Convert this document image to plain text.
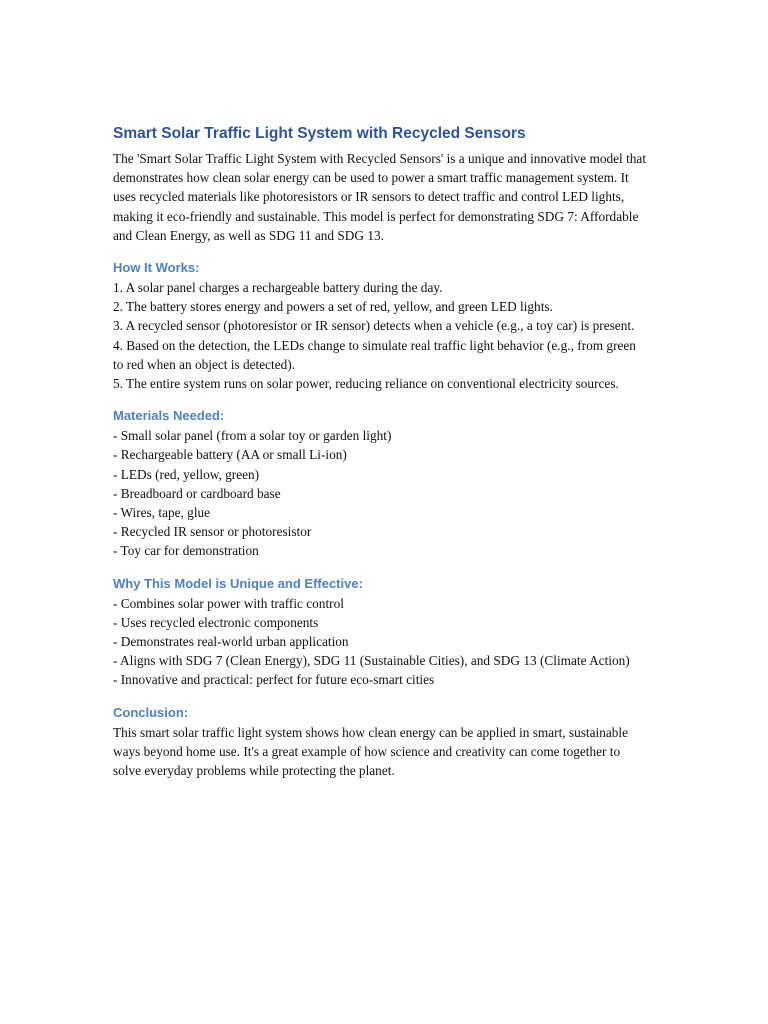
Smart Solar Traffic Light System with Recycled Sensors

The 'Smart Solar Traffic Light System with Recycled Sensors' is a unique and innovative model that demonstrates how clean solar energy can be used to power a smart traffic management system. It uses recycled materials like photoresistors or IR sensors to detect traffic and control LED lights, making it eco-friendly and sustainable. This model is perfect for demonstrating SDG 7: Affordable and Clean Energy, as well as SDG 11 and SDG 13.

How It Works:

1. A solar panel charges a rechargeable battery during the day.

2. The battery stores energy and powers a set of red, yellow, and green LED lights.

3. A recycled sensor (photoresistor or IR sensor) detects when a vehicle (e.g., a toy car) is present.

4. Based on the detection, the LEDs change to simulate real traffic light behavior (e.g., from green to red when an object is detected).

5. The entire system runs on solar power, reducing reliance on conventional electricity sources.

Materials Needed:

- Small solar panel (from a solar toy or garden light)

- Rechargeable battery (AA or small Li-ion)

- LEDs (red, yellow, green)

- Breadboard or cardboard base

- Wires, tape, glue

- Recycled IR sensor or photoresistor

- Toy car for demonstration

Why This Model is Unique and Effective:

- Combines solar power with traffic control

- Uses recycled electronic components

- Demonstrates real-world urban application

- Aligns with SDG 7 (Clean Energy), SDG 11 (Sustainable Cities), and SDG 13 (Climate Action)

- Innovative and practical: perfect for future eco-smart cities

Conclusion:

This smart solar traffic light system shows how clean energy can be applied in smart, sustainable ways beyond home use. It's a great example of how science and creativity can come together to solve everyday problems while protecting the planet.
